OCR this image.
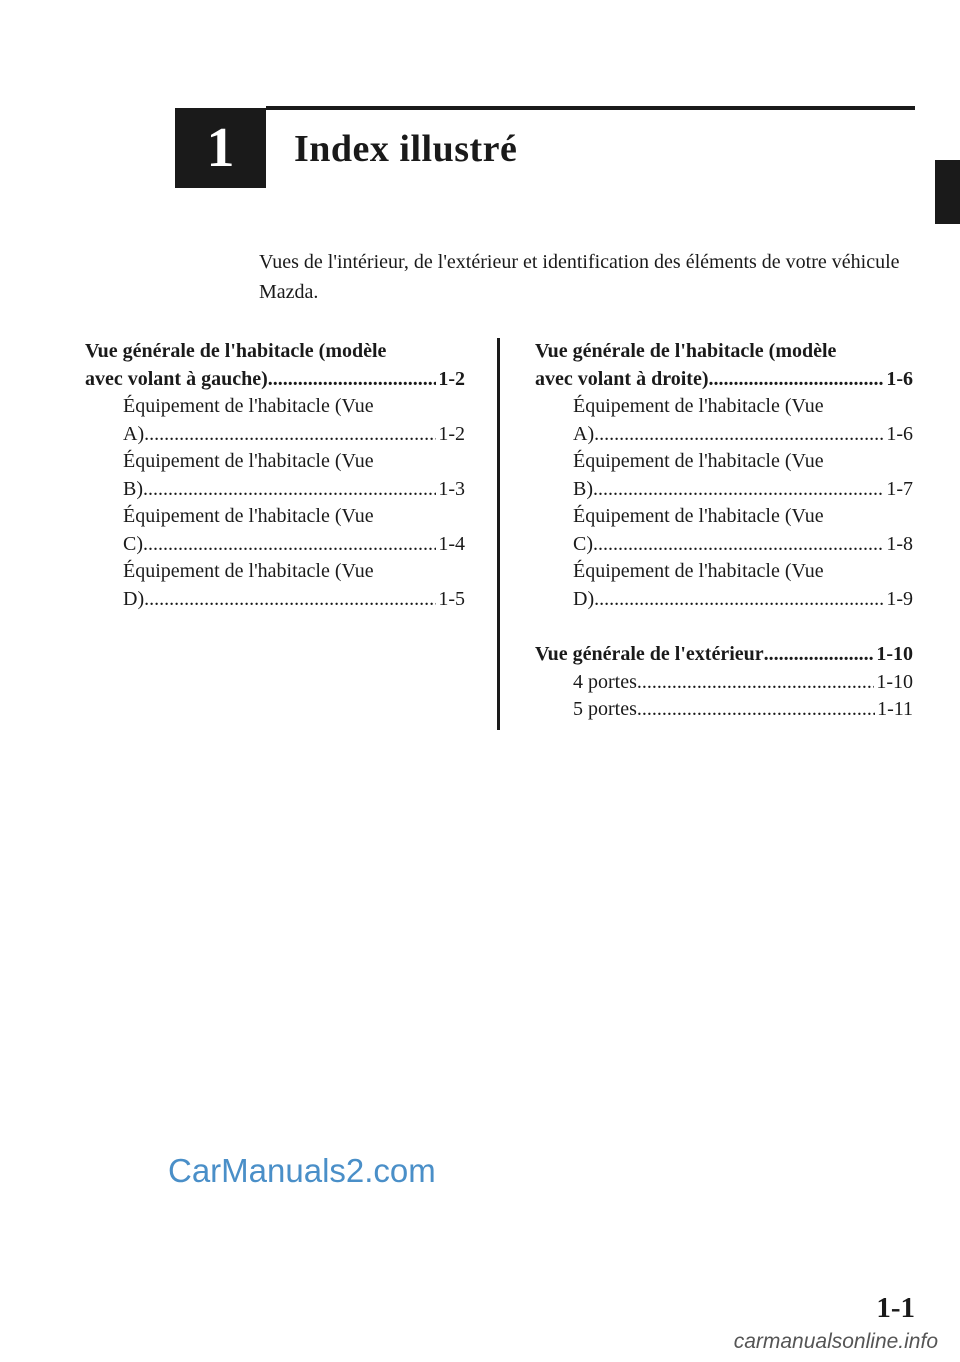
1 Index illustré

Vues de l'intérieur, de l'extérieur et identification des éléments de votre véhicule Mazda.

Vue générale de l'habitacle (modèle
avec volant à gauche) .....	1-2
Équipement de l'habitacle (Vue
A) .....	1-2
Équipement de l'habitacle (Vue
B) .....	1-3
Équipement de l'habitacle (Vue
C) .....	1-4
Équipement de l'habitacle (Vue
D) .....	1-5
Vue générale de l'habitacle (modèle
avec volant à droite) .....	1-6
Équipement de l'habitacle (Vue
A) .....	1-6
Équipement de l'habitacle (Vue
B) .....	1-7
Équipement de l'habitacle (Vue
C) .....	1-8
Équipement de l'habitacle (Vue
D) .....	1-9
Vue générale de l'extérieur .....	1-10
4 portes .....	1-10
5 portes .....	1-11
CarManuals2.com
1-1
carmanualsonline.info
